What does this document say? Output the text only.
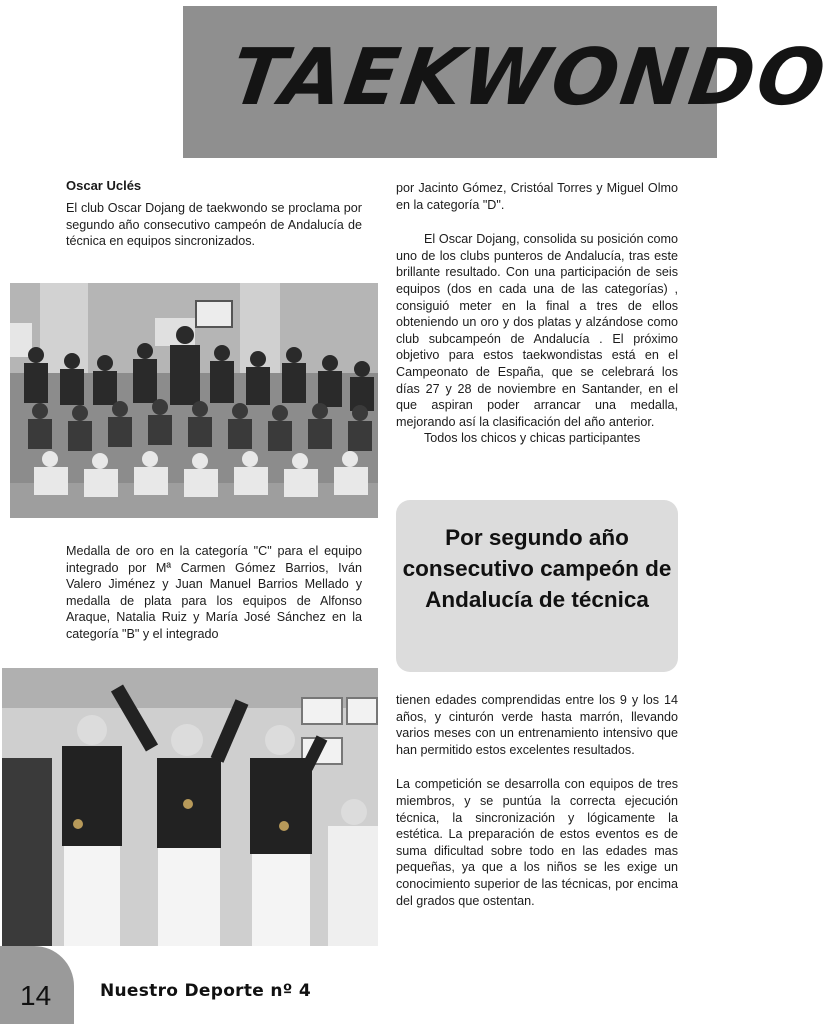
TAEKWONDO
Oscar Uclés
El club Oscar Dojang de taekwondo se proclama por segundo año consecutivo campeón de Andalucía de técnica en equipos sincronizados.
Medalla de oro en la categoría "C" para el equipo integrado por Mª Carmen Gómez Barrios, Iván Valero Jiménez y Juan Manuel Barrios Mellado y medalla de plata para los equipos de Alfonso Araque, Natalia Ruiz y María José Sánchez en la categoría "B" y el integrado

por Jacinto Gómez, Cristóal Torres y Miguel Olmo en la categoría "D".

El Oscar Dojang, consolida su posición como uno de los clubs punteros de Andalucía, tras este brillante resultado. Con una participación de seis equipos (dos en cada una de las categorías) , consiguió meter en la final a tres de ellos obteniendo un oro y dos platas y alzándose como club subcampeón de Andalucía . El próximo objetivo para estos taekwondistas está en el Campeonato de España, que se celebrará los días 27 y 28 de noviembre en Santander, en el que aspiran poder arrancar una medalla, mejorando así la clasificación del año anterior.

Todos los chicos y chicas participantes

Por segundo año consecutivo campeón de Andalucía de técnica

tienen edades comprendidas entre los 9 y los 14 años, y cinturón verde hasta marrón, llevando varios meses con un entrenamiento intensivo que han permitido estos excelentes resultados.

La competición se desarrolla con equipos de tres miembros, y se puntúa la correcta ejecución técnica, la sincronización y lógicamente la estética. La preparación de estos eventos es de suma dificultad sobre todo en las edades mas pequeñas, ya que a los niños se les exige un conocimiento superior de las técnicas, por encima del grados que ostentan.

14	Nuestro Deporte nº 4
